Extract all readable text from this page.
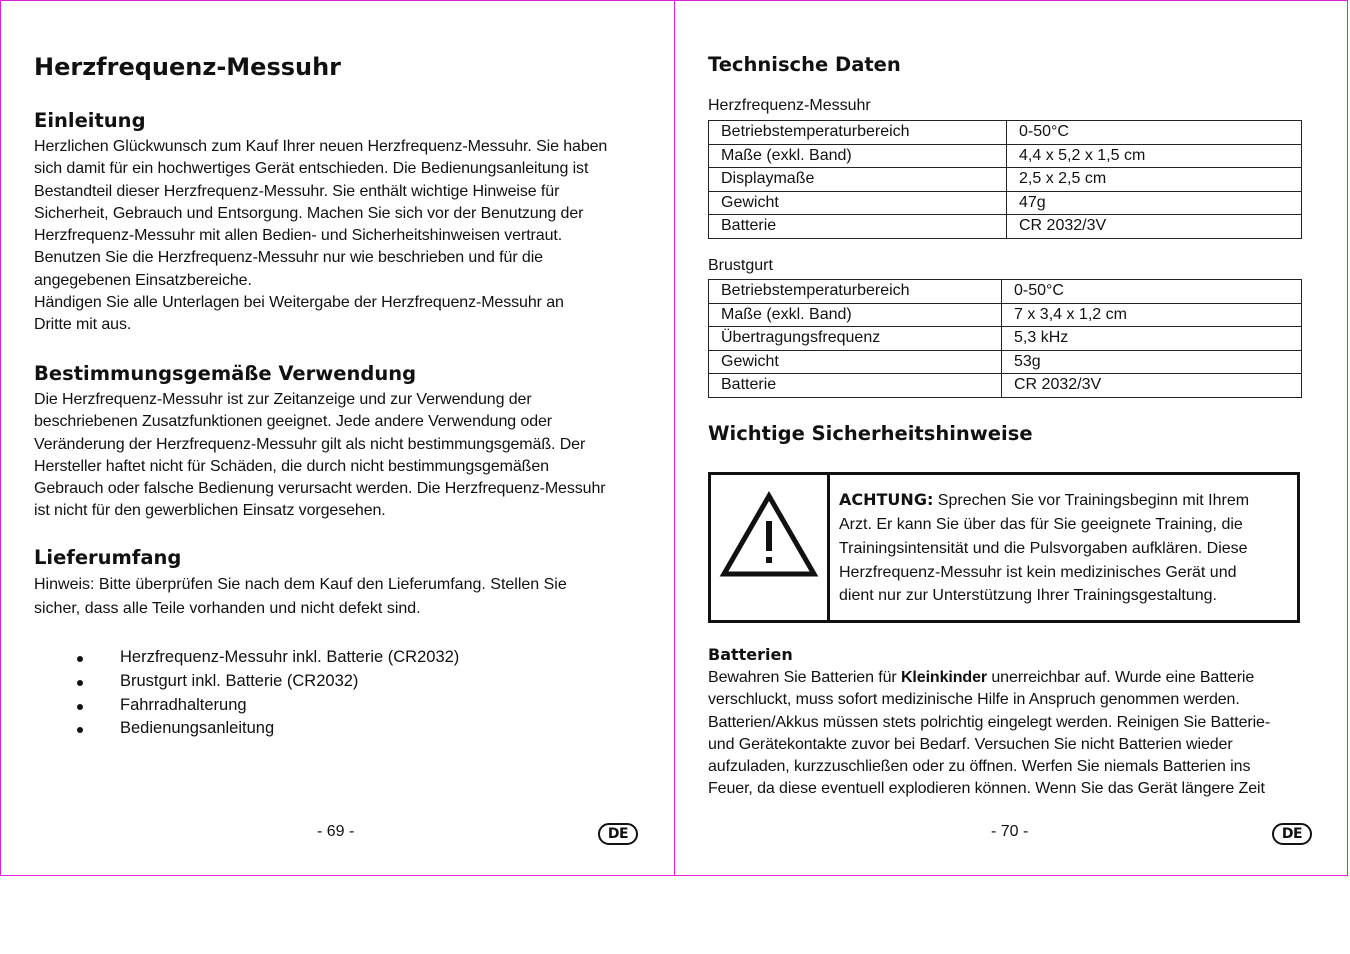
Herzfrequenz-Messuhr
Einleitung

Herzlichen Glückwunsch zum Kauf Ihrer neuen Herzfrequenz-Messuhr. Sie haben

sich damit für ein hochwertiges Gerät entschieden. Die Bedienungsanleitung ist

Bestandteil dieser Herzfrequenz-Messuhr. Sie enthält wichtige Hinweise für

Sicherheit, Gebrauch und Entsorgung. Machen Sie sich vor der Benutzung der

Herzfrequenz-Messuhr mit allen Bedien- und Sicherheitshinweisen vertraut.

Benutzen Sie die Herzfrequenz-Messuhr nur wie beschrieben und für die

angegebenen Einsatzbereiche.

Händigen Sie alle Unterlagen bei Weitergabe der Herzfrequenz-Messuhr an

Dritte mit aus.

Bestimmungsgemäße Verwendung

Die Herzfrequenz-Messuhr ist zur Zeitanzeige und zur Verwendung der

beschriebenen Zusatzfunktionen geeignet. Jede andere Verwendung oder

Veränderung der Herzfrequenz-Messuhr gilt als nicht bestimmungsgemäß. Der

Hersteller haftet nicht für Schäden, die durch nicht bestimmungsgemäßen

Gebrauch oder falsche Bedienung verursacht werden. Die Herzfrequenz-Messuhr

ist nicht für den gewerblichen Einsatz vorgesehen.

Lieferumfang

Hinweis: Bitte überprüfen Sie nach dem Kauf den Lieferumfang. Stellen Sie

sicher, dass alle Teile vorhanden und nicht defekt sind.

Herzfrequenz-Messuhr inkl. Batterie (CR2032)
Brustgurt inkl. Batterie (CR2032)
Fahrradhalterung
Bedienungsanleitung
- 69 -	DE
Technische Daten
Herzfrequenz-Messuhr
Betriebstemperaturbereich	0-50°C
Maße (exkl. Band)	4,4 x 5,2 x 1,5 cm
Displaymaße	2,5 x 2,5 cm
Gewicht	47g
Batterie	CR 2032/3V
Brustgurt
Betriebstemperaturbereich	0-50°C
Maße (exkl. Band)	7 x 3,4 x 1,2 cm
Übertragungsfrequenz	5,3 kHz
Gewicht	53g
Batterie	CR 2032/3V
Wichtige Sicherheitshinweise

ACHTUNG: Sprechen Sie vor Trainingsbeginn mit Ihrem

Arzt. Er kann Sie über das für Sie geeignete Training, die

Trainingsintensität und die Pulsvorgaben aufklären. Diese

Herzfrequenz-Messuhr ist kein medizinisches Gerät und

dient nur zur Unterstützung Ihrer Trainingsgestaltung.

Batterien

Bewahren Sie Batterien für Kleinkinder unerreichbar auf. Wurde eine Batterie

verschluckt, muss sofort medizinische Hilfe in Anspruch genommen werden.

Batterien/Akkus müssen stets polrichtig eingelegt werden. Reinigen Sie Batterie-

und Gerätekontakte zuvor bei Bedarf. Versuchen Sie nicht Batterien wieder

aufzuladen, kurzzuschließen oder zu öffnen. Werfen Sie niemals Batterien ins

Feuer, da diese eventuell explodieren können. Wenn Sie das Gerät längere Zeit

- 70 -	DE
